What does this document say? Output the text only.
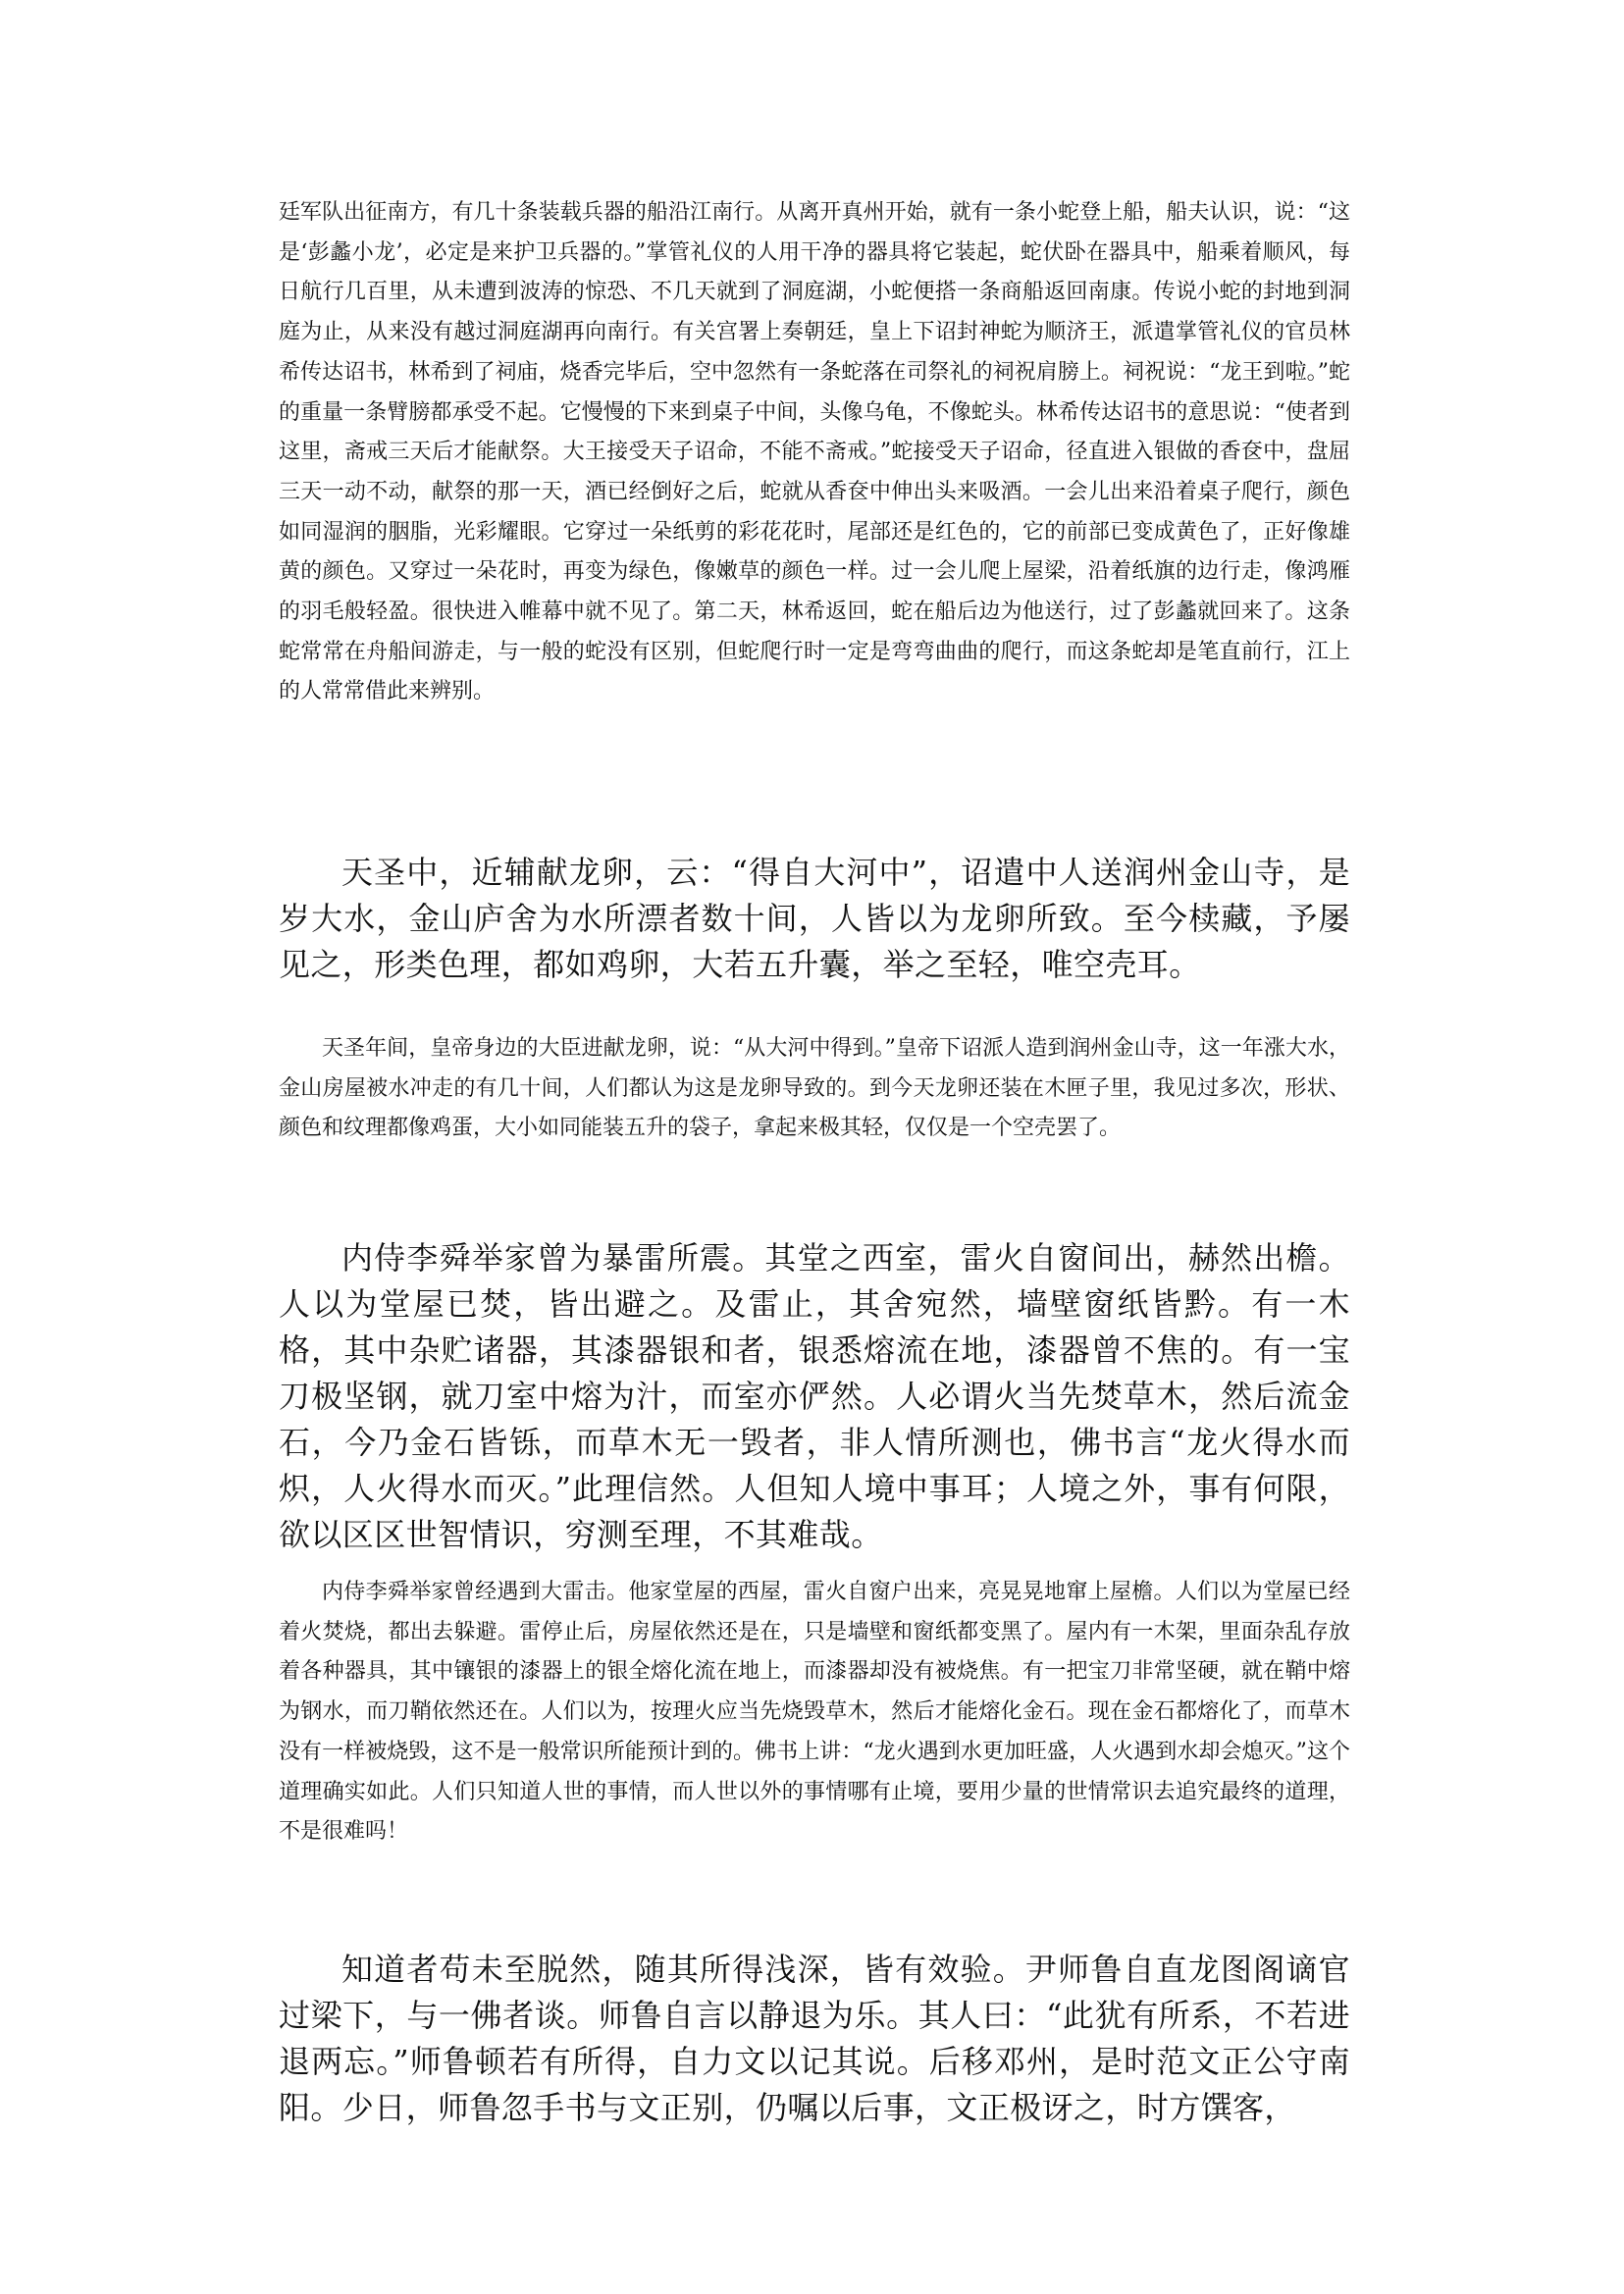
廷军队出征南方，有几十条装载兵器的船沿江南行。从离开真州开始，就有一条小蛇登上船，船夫认识，说：“这是‘彭蠡小龙’，必定是来护卫兵器的。”掌管礼仪的人用干净的器具将它装起，蛇伏卧在器具中，船乘着顺风，每日航行几百里，从未遭到波涛的惊恐、不几天就到了洞庭湖，小蛇便搭一条商船返回南康。传说小蛇的封地到洞庭为止，从来没有越过洞庭湖再向南行。有关宫署上奏朝廷，皇上下诏封神蛇为顺济王，派遣掌管礼仪的官员林希传达诏书，林希到了祠庙，烧香完毕后，空中忽然有一条蛇落在司祭礼的祠祝肩膀上。祠祝说：“龙王到啦。”蛇的重量一条臂膀都承受不起。它慢慢的下来到桌子中间，头像乌龟，不像蛇头。林希传达诏书的意思说：“使者到这里，斋戒三天后才能献祭。大王接受天子诏命，不能不斋戒。”蛇接受天子诏命，径直进入银做的香奁中，盘屈三天一动不动，献祭的那一天，酒已经倒好之后，蛇就从香奁中伸出头来吸酒。一会儿出来沿着桌子爬行，颜色如同湿润的胭脂，光彩耀眼。它穿过一朵纸剪的彩花花时，尾部还是红色的，它的前部已变成黄色了，正好像雄黄的颜色。又穿过一朵花时，再变为绿色，像嫩草的颜色一样。过一会儿爬上屋梁，沿着纸旗的边行走，像鸿雁的羽毛般轻盈。很快进入帷幕中就不见了。第二天，林希返回，蛇在船后边为他送行，过了彭蠡就回来了。这条蛇常常在舟船间游走，与一般的蛇没有区别，但蛇爬行时一定是弯弯曲曲的爬行，而这条蛇却是笔直前行，江上的人常常借此来辨别。

天圣中，近辅献龙卵，云：“得自大河中”，诏遣中人送润州金山寺，是岁大水，金山庐舍为水所漂者数十间，人皆以为龙卵所致。至今椟藏，予屡见之，形类色理，都如鸡卵，大若五升囊，举之至轻，唯空壳耳。

天圣年间，皇帝身边的大臣进献龙卵，说：“从大河中得到。”皇帝下诏派人造到润州金山寺，这一年涨大水，金山房屋被水冲走的有几十间，人们都认为这是龙卵导致的。到今天龙卵还装在木匣子里，我见过多次，形状、颜色和纹理都像鸡蛋，大小如同能装五升的袋子，拿起来极其轻，仅仅是一个空壳罢了。

内侍李舜举家曾为暴雷所震。其堂之西室，雷火自窗间出，赫然出檐。人以为堂屋已焚，皆出避之。及雷止，其舍宛然，墙壁窗纸皆黔。有一木格，其中杂贮诸器，其漆器银和者，银悉熔流在地，漆器曾不焦的。有一宝刀极坚钢，就刀室中熔为汁，而室亦俨然。人必谓火当先焚草木，然后流金石，今乃金石皆铄，而草木无一毁者，非人情所测也，佛书言“龙火得水而炽，人火得水而灭。”此理信然。人但知人境中事耳；人境之外，事有何限，欲以区区世智情识，穷测至理，不其难哉。

内侍李舜举家曾经遇到大雷击。他家堂屋的西屋，雷火自窗户出来，亮晃晃地窜上屋檐。人们以为堂屋已经着火焚烧，都出去躲避。雷停止后，房屋依然还是在，只是墙壁和窗纸都变黑了。屋内有一木架，里面杂乱存放着各种器具，其中镶银的漆器上的银全熔化流在地上，而漆器却没有被烧焦。有一把宝刀非常坚硬，就在鞘中熔为钢水，而刀鞘依然还在。人们以为，按理火应当先烧毁草木，然后才能熔化金石。现在金石都熔化了，而草木没有一样被烧毁，这不是一般常识所能预计到的。佛书上讲：“龙火遇到水更加旺盛，人火遇到水却会熄灭。”这个道理确实如此。人们只知道人世的事情，而人世以外的事情哪有止境，要用少量的世情常识去追究最终的道理，不是很难吗！

知道者苟未至脱然，随其所得浅深，皆有效验。尹师鲁自直龙图阁谪官过梁下，与一佛者谈。师鲁自言以静退为乐。其人曰：“此犹有所系，不若进退两忘。”师鲁顿若有所得，自力文以记其说。后移邓州，是时范文正公守南阳。少日，师鲁忽手书与文正别，仍嘱以后事，文正极讶之，时方馔客，
